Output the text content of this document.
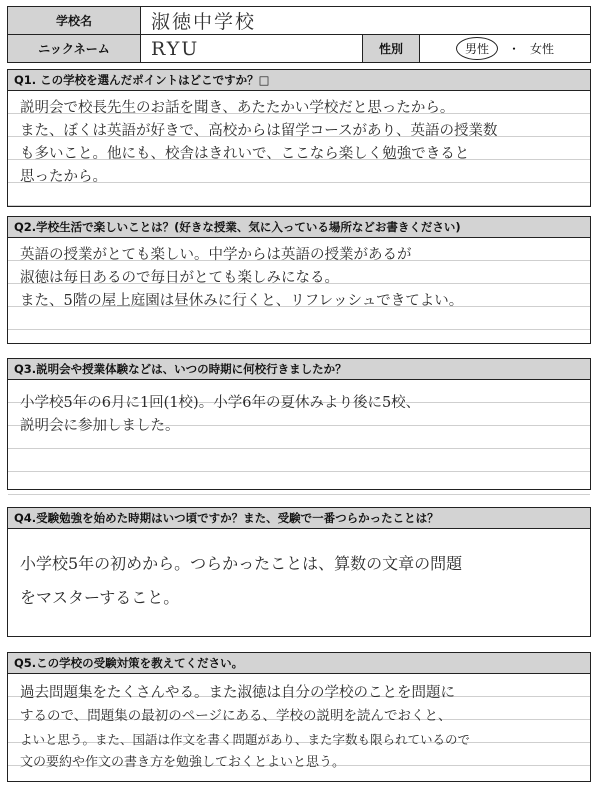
学校名	淑徳中学校
ニックネーム	RYU	性別	男性	・ 女性
Q1. この学校を選んだポイントはどこですか？□

説明会で校長先生のお話を聞き、あたたかい学校だと思ったから。

また、ぼくは英語が好きで、高校からは留学コースがあり、英語の授業数

も多いこと。他にも、校舎はきれいで、ここなら楽しく勉強できると

思ったから。

Q2.学校生活で楽しいことは？(好きな授業、気に入っている場所などお書きください)

英語の授業がとても楽しい。中学からは英語の授業があるが

淑徳は毎日あるので毎日がとても楽しみになる。

また、5階の屋上庭園は昼休みに行くと、リフレッシュできてよい。

Q3.説明会や授業体験などは、いつの時期に何校行きましたか？

小学校5年の6月に1回(1校)。小学6年の夏休みより後に5校、

説明会に参加しました。

Q4.受験勉強を始めた時期はいつ頃ですか？また、受験で一番つらかったことは？

小学校5年の初めから。つらかったことは、算数の文章の問題

をマスターすること。

Q5.この学校の受験対策を教えてください。

過去問題集をたくさんやる。また淑徳は自分の学校のことを問題に

するので、問題集の最初のページにある、学校の説明を読んでおくと、

よいと思う。また、国語は作文を書く問題があり、また字数も限られているので

文の要約や作文の書き方を勉強しておくとよいと思う。
